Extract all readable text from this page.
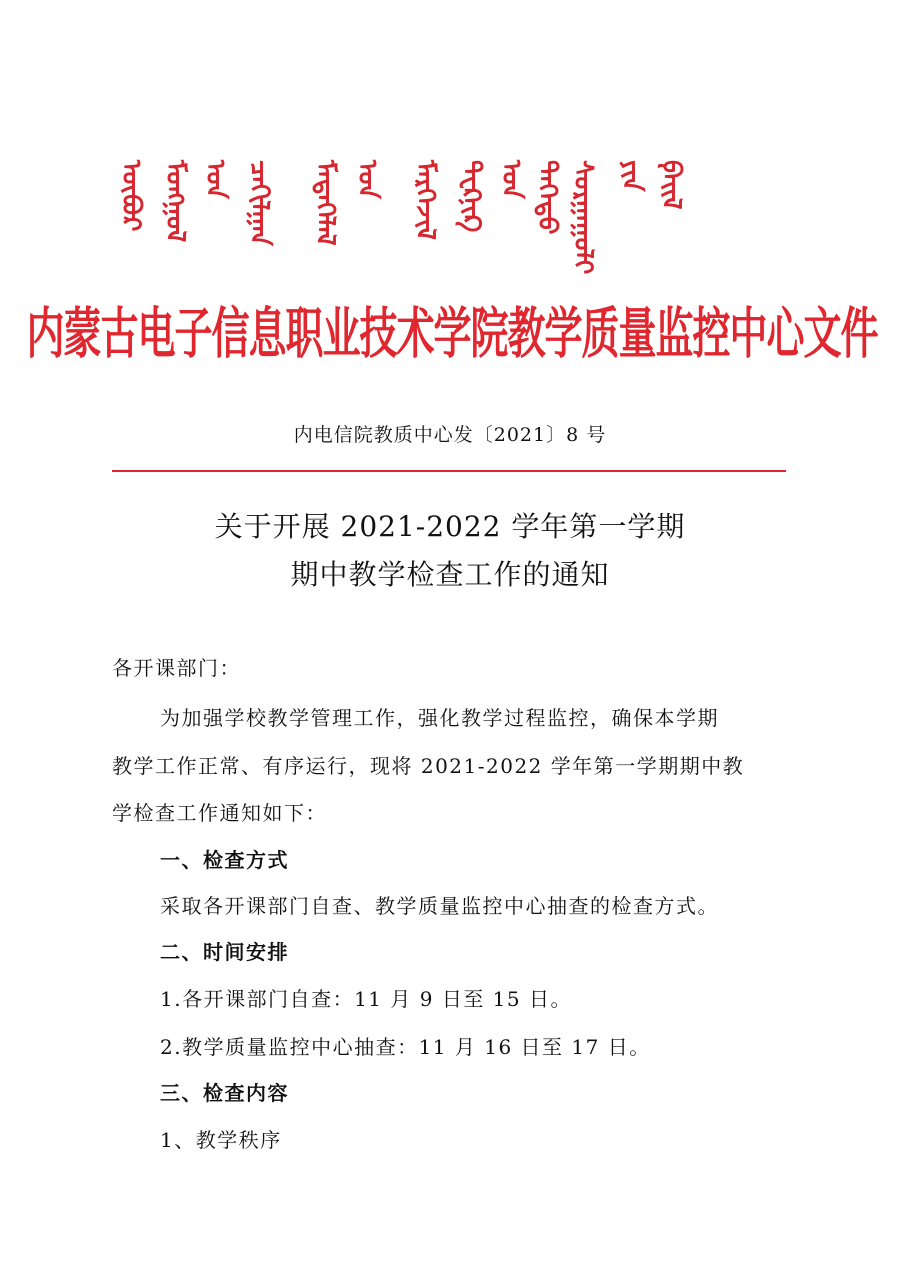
ᠥᠪᠦᠷ ᠮᠣᠩᠭᠣᠯ ᠤᠨ ᠴᠠᠬᠢᠯᠭᠠᠨ ᠮᠡᠳᠡᠭᠡᠯᠡᠯ ᠤᠨ ᠮᠡᠷᠭᠡᠵᠢᠯ ᠲᠧᠺᠨᠢᠺ ᠤᠨ ᠳᠡᠭᠡᠳᠦ ᠰᠤᠷᠭᠠᠭᠤᠯᠢ ᠶᠢᠨ ᠹᠠᠢᠯ
内蒙古电子信息职业技术学院教学质量监控中心文件
内电信院教质中心发〔2021〕8 号
关于开展 2021-2022 学年第一学期
期中教学检查工作的通知
各开课部门：
为加强学校教学管理工作，强化教学过程监控，确保本学期
教学工作正常、有序运行，现将 2021-2022 学年第一学期期中教
学检查工作通知如下：
一、检查方式
采取各开课部门自查、教学质量监控中心抽查的检查方式。
二、时间安排
1.各开课部门自查：11 月 9 日至 15 日。
2.教学质量监控中心抽查：11 月 16 日至 17 日。
三、检查内容
1、教学秩序
